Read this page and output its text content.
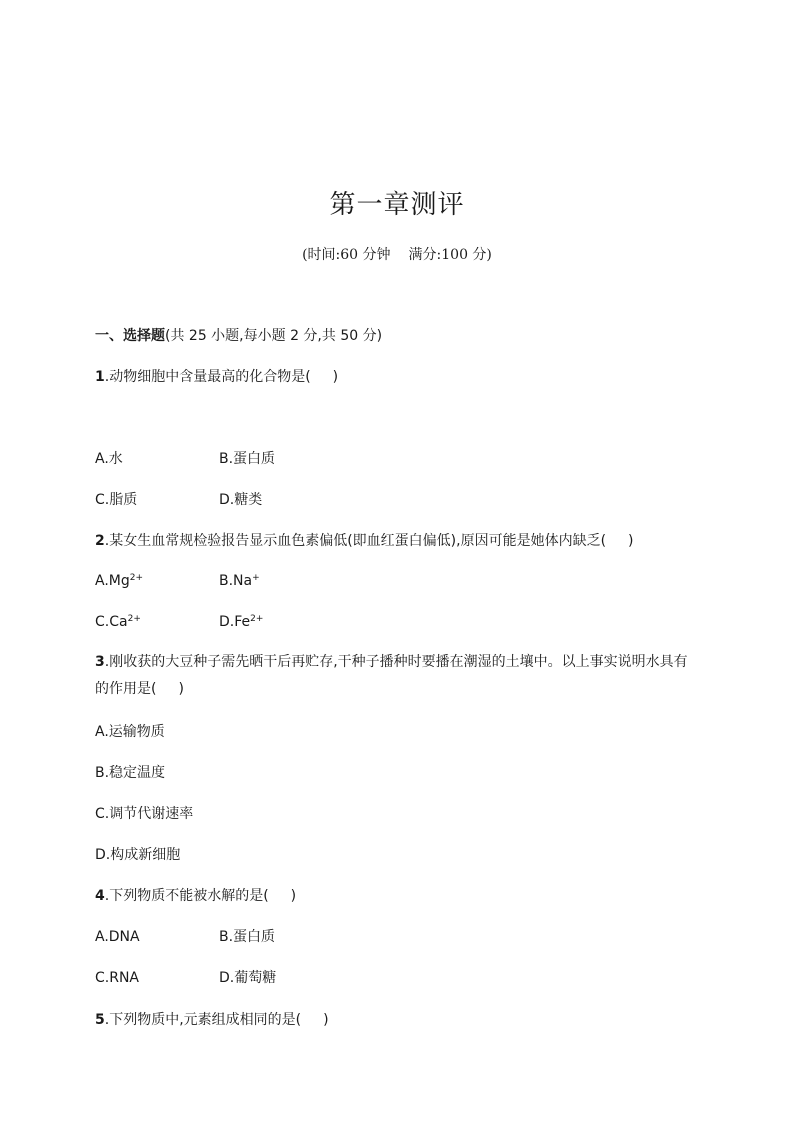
第一章测评
(时间:60 分钟 满分:100 分)
一、选择题(共 25 小题,每小题 2 分,共 50 分)
1.动物细胞中含量最高的化合物是( )
A.水	B.蛋白质
C.脂质	D.糖类
2.某女生血常规检验报告显示血色素偏低(即血红蛋白偏低),原因可能是她体内缺乏( )
$A.Mg^{2+}$	B.Na+
$C.Ca^{2+}$	$D.Fe^{2+}$
3.刚收获的大豆种子需先晒干后再贮存,干种子播种时要播在潮湿的土壤中。以上事实说明水具有的作用是( )
A.运输物质
B.稳定温度
C.调节代谢速率
D.构成新细胞
4.下列物质不能被水解的是( )
A.DNA	B.蛋白质
C.RNA	D.葡萄糖
5.下列物质中,元素组成相同的是( )
